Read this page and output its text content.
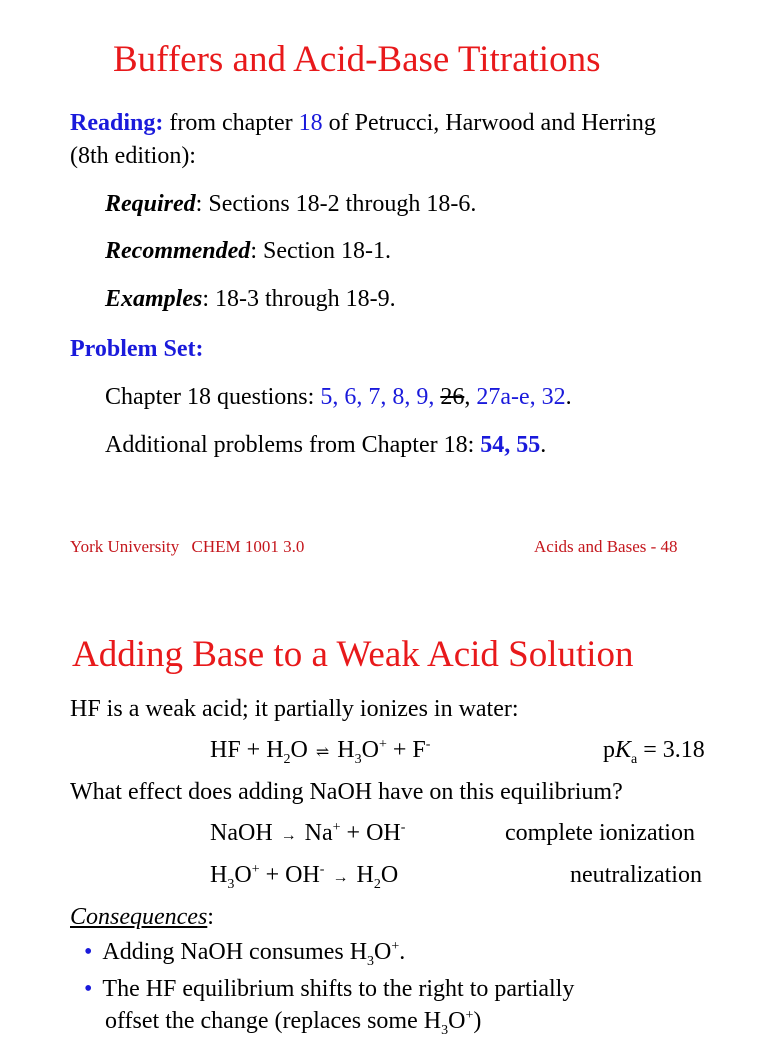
Buffers and Acid-Base Titrations
Reading: from chapter 18 of Petrucci, Harwood and Herring
(8th edition):
Required: Sections 18-2 through 18-6.
Recommended: Section 18-1.
Examples: 18-3 through 18-9.
Problem Set:
Chapter 18 questions: 5, 6, 7, 8, 9, 26, 27a-e, 32.
Additional problems from Chapter 18: 54, 55.
York University CHEM 1001 3.0	Acids and Bases - 48
Adding Base to a Weak Acid Solution
HF is a weak acid; it partially ionizes in water:
HF + $H_2O$ ⇌ $H_3O^+ + F^-$	$pK_a = 3.18$
What effect does adding NaOH have on this equilibrium?
NaOH → Na+ + OH-	complete ionization
$H_3O^+ + OH^- \to H_2O$	neutralization
Consequences:
• Adding NaOH consumes $H_3O^+$.
• The HF equilibrium shifts to the right to partially
offset the change (replaces some $H_3O^+$)
